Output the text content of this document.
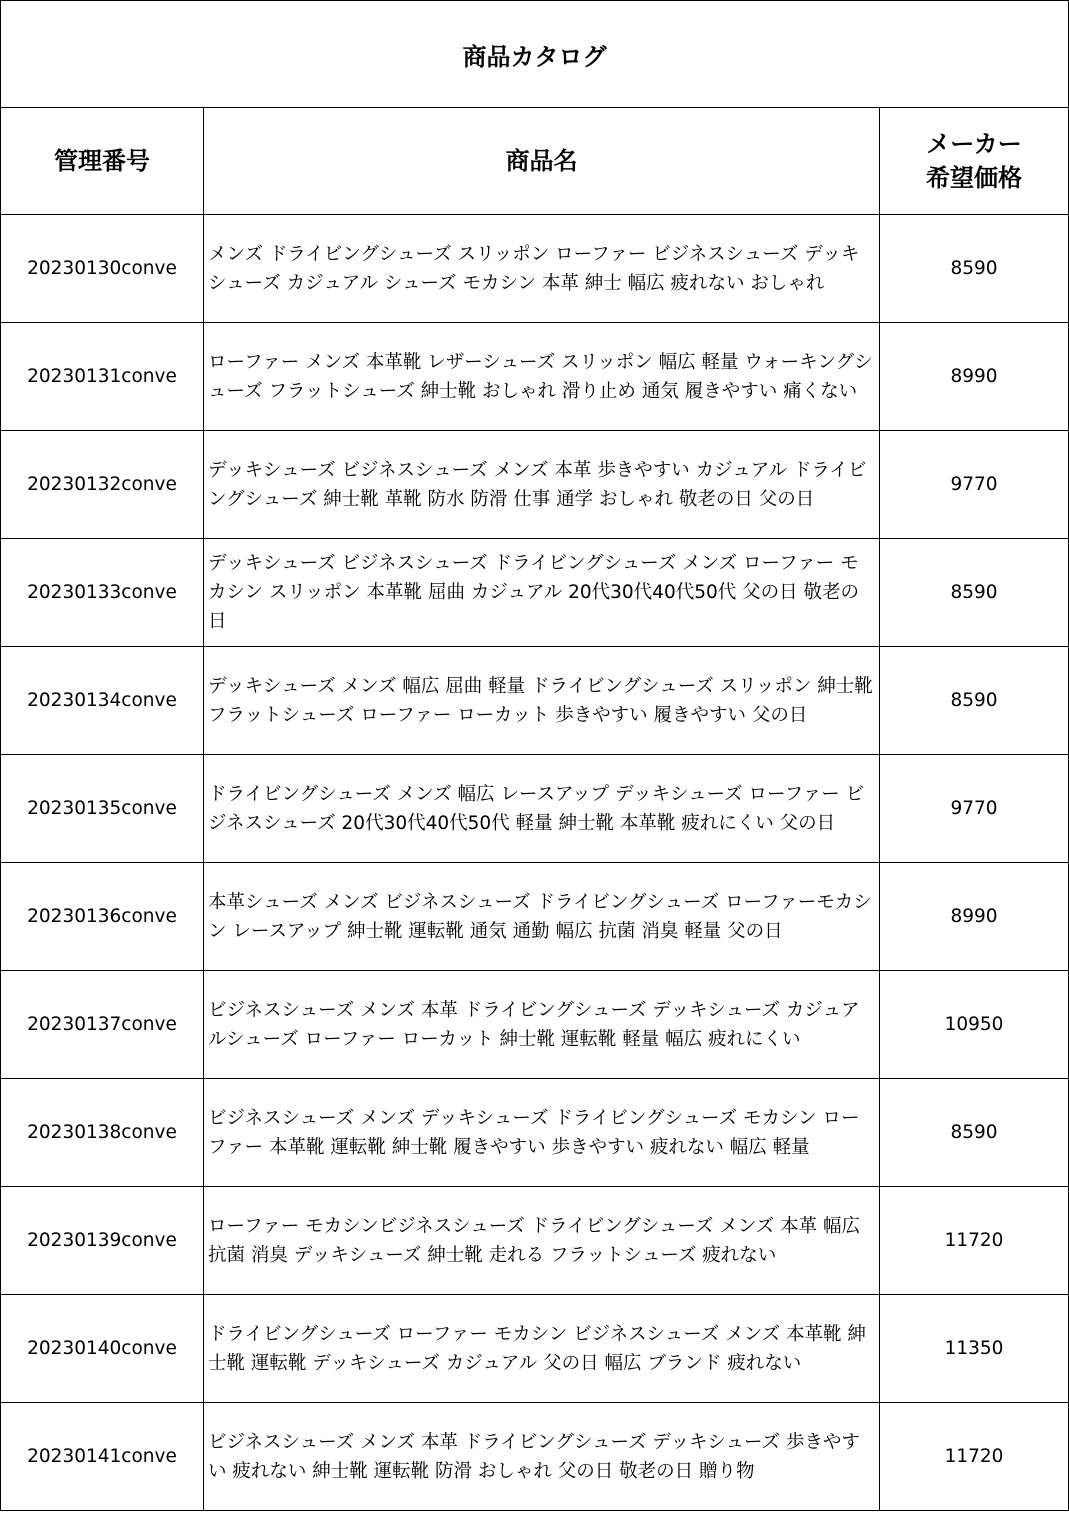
商品カタログ		
管理番号	商品名	メーカー
希望価格

20230130conve	メンズ ドライビングシューズ スリッポン ローファー ビジネスシューズ デッキシューズ カジュアル シューズ モカシン 本革 紳士 幅広 疲れない おしゃれ	8590
20230131conve	ローファー メンズ 本革靴 レザーシューズ スリッポン 幅広 軽量 ウォーキングシューズ フラットシューズ 紳士靴 おしゃれ 滑り止め 通気 履きやすい 痛くない	8990
20230132conve	デッキシューズ ビジネスシューズ メンズ 本革 歩きやすい カジュアル ドライビングシューズ 紳士靴 革靴 防水 防滑 仕事 通学 おしゃれ 敬老の日 父の日	9770
20230133conve	デッキシューズ ビジネスシューズ ドライビングシューズ メンズ ローファー モカシン スリッポン 本革靴 屈曲 カジュアル 20代30代40代50代 父の日 敬老の日	8590
20230134conve	デッキシューズ メンズ 幅広 屈曲 軽量 ドライビングシューズ スリッポン 紳士靴 フラットシューズ ローファー ローカット 歩きやすい 履きやすい 父の日	8590
20230135conve	ドライビングシューズ メンズ 幅広 レースアップ デッキシューズ ローファー ビジネスシューズ 20代30代40代50代 軽量 紳士靴 本革靴 疲れにくい 父の日	9770
20230136conve	本革シューズ メンズ ビジネスシューズ ドライビングシューズ ローファーモカシン レースアップ 紳士靴 運転靴 通気 通勤 幅広 抗菌 消臭 軽量 父の日	8990
20230137conve	ビジネスシューズ メンズ 本革 ドライビングシューズ デッキシューズ カジュアルシューズ ローファー ローカット 紳士靴 運転靴 軽量 幅広 疲れにくい	10950
20230138conve	ビジネスシューズ メンズ デッキシューズ ドライビングシューズ モカシン ローファー 本革靴 運転靴 紳士靴 履きやすい 歩きやすい 疲れない 幅広 軽量	8590
20230139conve	ローファー モカシンビジネスシューズ ドライビングシューズ メンズ 本革 幅広 抗菌 消臭 デッキシューズ 紳士靴 走れる フラットシューズ 疲れない	11720
20230140conve	ドライビングシューズ ローファー モカシン ビジネスシューズ メンズ 本革靴 紳士靴 運転靴 デッキシューズ カジュアル 父の日 幅広 ブランド 疲れない	11350
20230141conve	ビジネスシューズ メンズ 本革 ドライビングシューズ デッキシューズ 歩きやすい 疲れない 紳士靴 運転靴 防滑 おしゃれ 父の日 敬老の日 贈り物	11720
